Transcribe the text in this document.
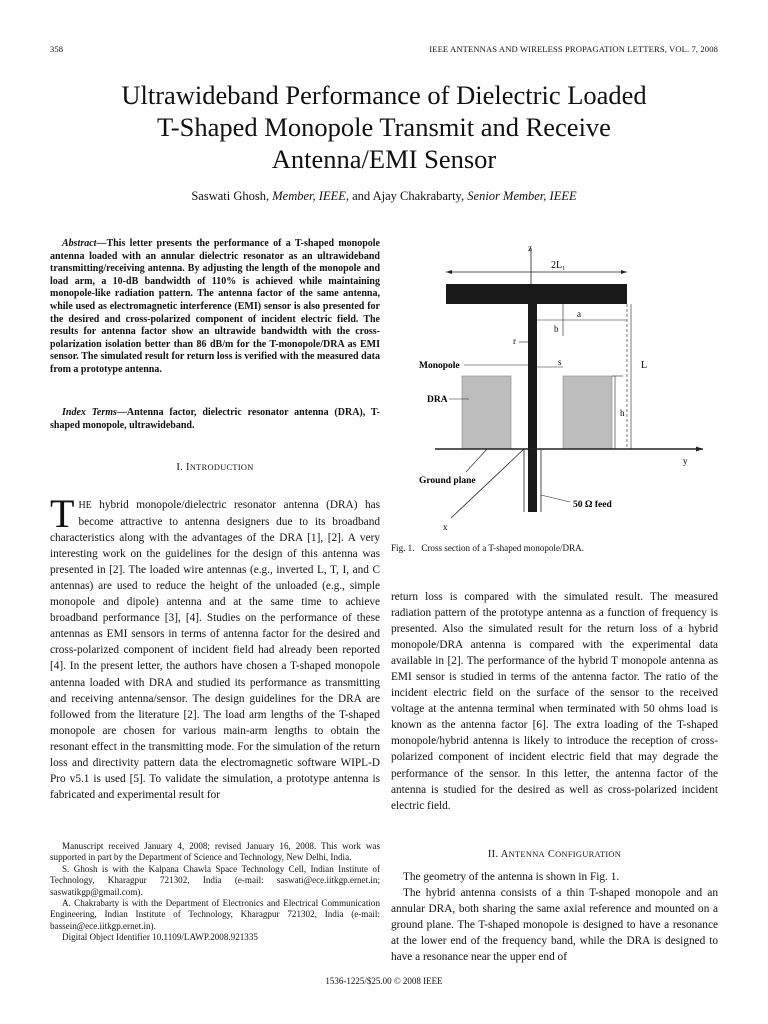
358	IEEE ANTENNAS AND WIRELESS PROPAGATION LETTERS, VOL. 7, 2008
Ultrawideband Performance of Dielectric Loaded
T-Shaped Monopole Transmit and Receive
Antenna/EMI Sensor
Saswati Ghosh, Member, IEEE, and Ajay Chakrabarty, Senior Member, IEEE
Abstract—This letter presents the performance of a T-shaped monopole antenna loaded with an annular dielectric resonator as an ultrawideband transmitting/receiving antenna. By adjusting the length of the monopole and load arm, a 10-dB bandwidth of 110% is achieved while maintaining monopole-like radiation pattern. The antenna factor of the same antenna, while used as electromagnetic interference (EMI) sensor is also presented for the desired and cross-polarized component of incident electric field. The results for antenna factor show an ultrawide bandwidth with the cross-polarization isolation better than 86 dB/m for the T-monopole/DRA as EMI sensor. The simulated result for return loss is verified with the measured data from a prototype antenna.
Index Terms—Antenna factor, dielectric resonator antenna (DRA), T-shaped monopole, ultrawideband.
I. INTRODUCTION
THE hybrid monopole/dielectric resonator antenna (DRA) has become attractive to antenna designers due to its broadband characteristics along with the advantages of the DRA [1], [2]. A very interesting work on the guidelines for the design of this antenna was presented in [2]. The loaded wire antennas (e.g., inverted L, T, I, and C antennas) are used to reduce the height of the unloaded (e.g., simple monopole and dipole) antenna and at the same time to achieve broadband performance [3], [4]. Studies on the performance of these antennas as EMI sensors in terms of antenna factor for the desired and cross-polarized component of incident field had already been reported [4]. In the present letter, the authors have chosen a T-shaped monopole antenna loaded with DRA and studied its performance as transmitting and receiving antenna/sensor. The design guidelines for the DRA are followed from the literature [2]. The load arm lengths of the T-shaped monopole are chosen for various main-arm lengths to obtain the resonant effect in the transmitting mode. For the simulation of the return loss and directivity pattern data the electromagnetic software WIPL-D Pro v5.1 is used [5]. To validate the simulation, a prototype antenna is fabricated and experimental result for

Manuscript received January 4, 2008; revised January 16, 2008. This work was supported in part by the Department of Science and Technology, New Delhi, India.

S. Ghosh is with the Kalpana Chawla Space Technology Cell, Indian Institute of Technology, Kharagpur 721302, India (e-mail: saswati@ece.iitkgp.ernet.in; saswatikgp@gmail.com).

A. Chakrabarty is with the Department of Electronics and Electrical Communication Engineering, Indian Institute of Technology, Kharagpur 721302, India (e-mail: bassein@ece.iitkgp.ernet.in).

Digital Object Identifier 10.1109/LAWP.2008.921335

z
$2L_1$
y
x
a
b
r
s	L
h
Monopole
DRA
Ground plane
50 Ω feed
Fig. 1.   Cross section of a T-shaped monopole/DRA.
return loss is compared with the simulated result. The measured radiation pattern of the prototype antenna as a function of frequency is presented. Also the simulated result for the return loss of a hybrid monopole/DRA antenna is compared with the experimental data available in [2]. The performance of the hybrid T monopole antenna as EMI sensor is studied in terms of the antenna factor. The ratio of the incident electric field on the surface of the sensor to the received voltage at the antenna terminal when terminated with 50 ohms load is known as the antenna factor [6]. The extra loading of the T-shaped monopole/hybrid antenna is likely to introduce the reception of cross-polarized component of incident electric field that may degrade the performance of the sensor. In this letter, the antenna factor of the antenna is studied for the desired as well as cross-polarized incident electric field.
II. ANTENNA CONFIGURATION

The geometry of the antenna is shown in Fig. 1.

The hybrid antenna consists of a thin T-shaped monopole and an annular DRA, both sharing the same axial reference and mounted on a ground plane. The T-shaped monopole is designed to have a resonance at the lower end of the frequency band, while the DRA is designed to have a resonance near the upper end of

1536-1225/$25.00 © 2008 IEEE
